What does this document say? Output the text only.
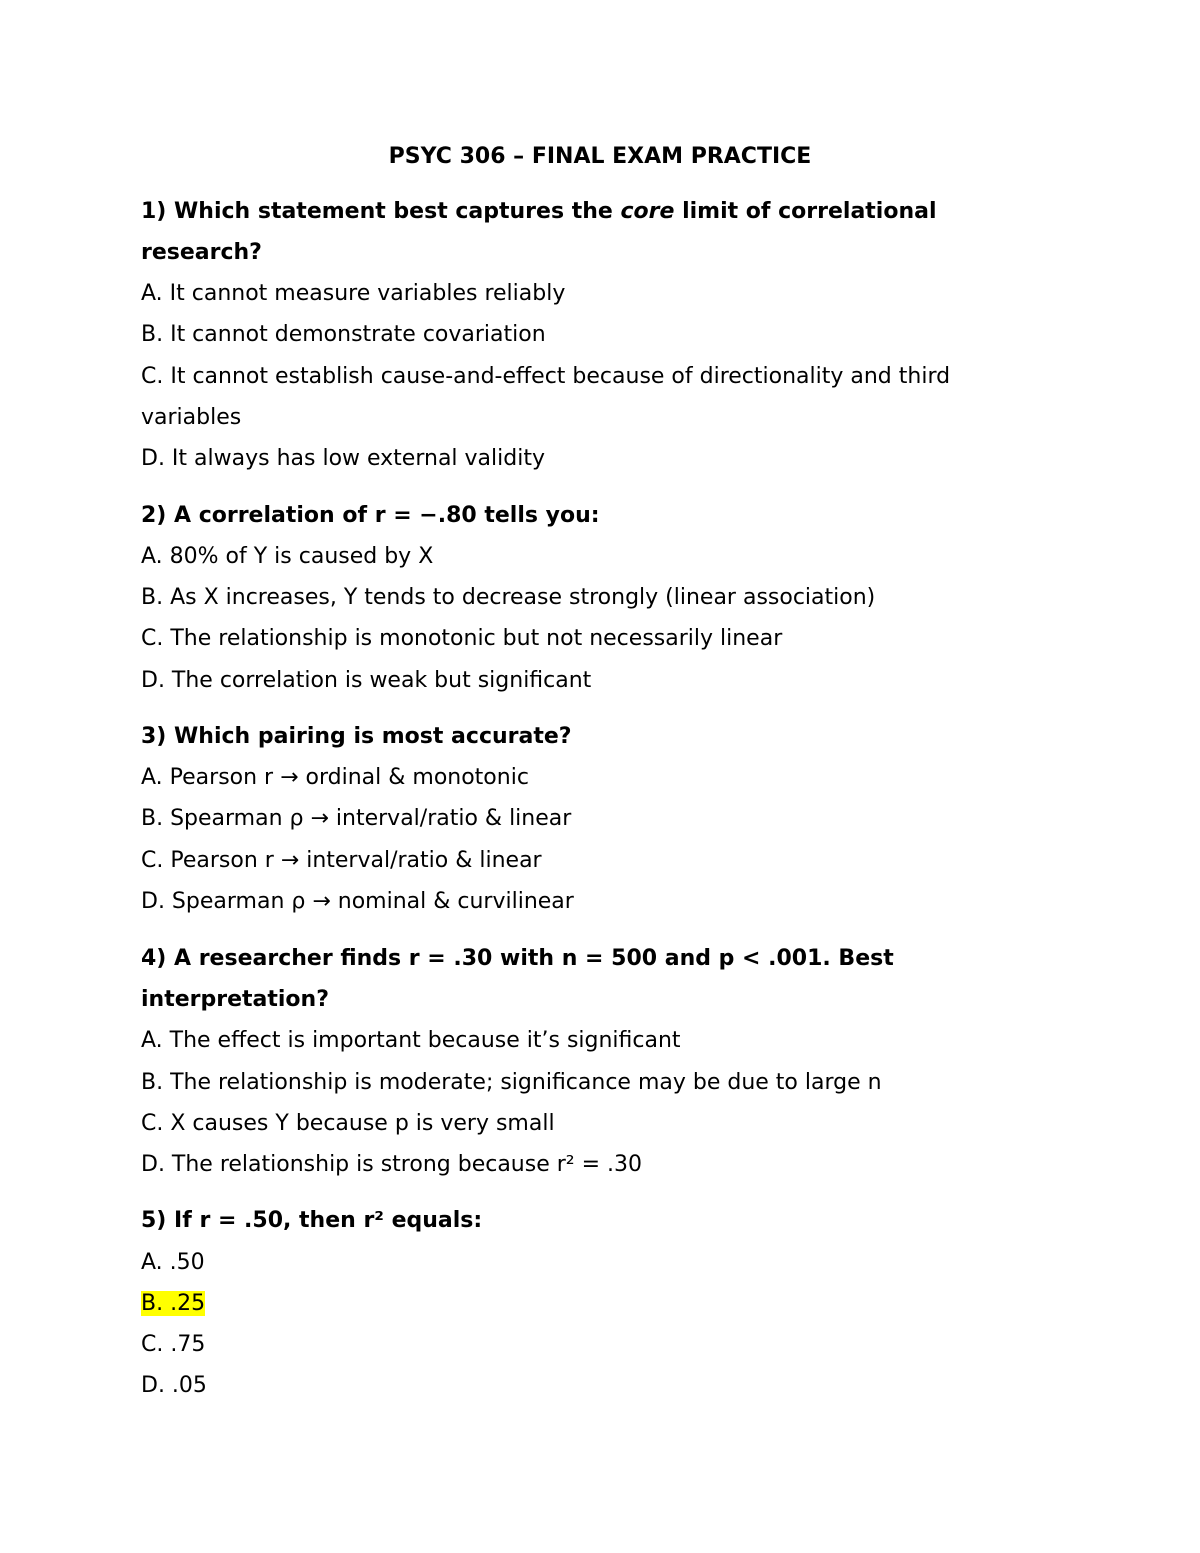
PSYC 306 – FINAL EXAM PRACTICE
1) Which statement best captures the core limit of correlational
research?
A. It cannot measure variables reliably
B. It cannot demonstrate covariation
C. It cannot establish cause-and-effect because of directionality and third
variables
D. It always has low external validity
2) A correlation of r = −.80 tells you:
A. 80% of Y is caused by X
B. As X increases, Y tends to decrease strongly (linear association)
C. The relationship is monotonic but not necessarily linear
D. The correlation is weak but significant
3) Which pairing is most accurate?
A. Pearson r → ordinal & monotonic
B. Spearman ρ → interval/ratio & linear
C. Pearson r → interval/ratio & linear
D. Spearman ρ → nominal & curvilinear
4) A researcher finds r = .30 with n = 500 and p < .001. Best
interpretation?
A. The effect is important because it’s significant
B. The relationship is moderate; significance may be due to large n
C. X causes Y because p is very small
D. The relationship is strong because r² = .30
5) If r = .50, then r² equals:
A. .50
B. .25
C. .75
D. .05
